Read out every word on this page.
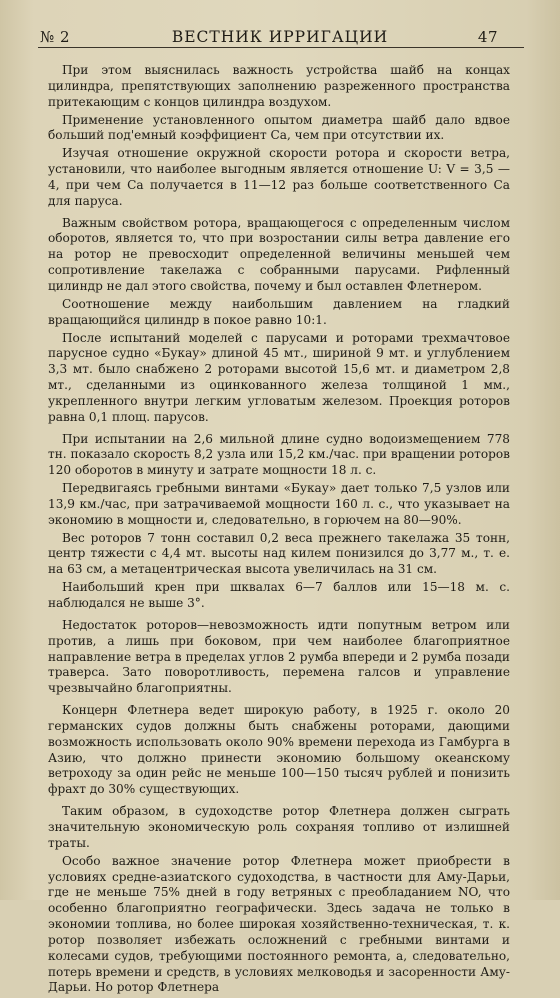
№ 2	ВЕСТНИК ИРРИГАЦИИ	47

При этом выяснилась важность устройства шайб на концах цилиндра, препятствующих заполнению разреженного пространства притекающим с концов цилиндра воздухом.

Применение установленного опытом диаметра шайб дало вдвое больший под'емный коэффициент Ca, чем при отсутствии их.

Изучая отношение окружной скорости ротора и скорости ветра, установили, что наиболее выгодным является отношение U: V = 3,5 — 4, при чем Ca получается в 11—12 раз больше соответственного Ca для паруса.

Важным свойством ротора, вращающегося с определенным числом оборотов, является то, что при возростании силы ветра давление его на ротор не превосходит определенной величины меньшей чем сопротивление такелажа с собранными парусами. Рифленный цилиндр не дал этого свойства, почему и был оставлен Флетнером.

Соотношение между наибольшим давлением на гладкий вращающийся цилиндр в покое равно 10:1.

После испытаний моделей с парусами и роторами трехмачтовое парусное судно «Букау» длиной 45 мт., шириной 9 мт. и углублением 3,3 мт. было снабжено 2 роторами высотой 15,6 мт. и диаметром 2,8 мт., сделанными из оцинкованного железа толщиной 1 мм., укрепленного внутри легким угловатым железом. Проекция роторов равна 0,1 площ. парусов.

При испытании на 2,6 мильной длине судно водоизмещением 778 тн. показало скорость 8,2 узла или 15,2 км./час. при вращении роторов 120 оборотов в минуту и затрате мощности 18 л. с.

Передвигаясь гребными винтами «Букау» дает только 7,5 узлов или 13,9 км./час, при затрачиваемой мощности 160 л. с., что указывает на экономию в мощности и, следовательно, в горючем на 80—90%.

Вес роторов 7 тонн составил 0,2 веса прежнего такелажа 35 тонн, центр тяжести с 4,4 мт. высоты над килем понизился до 3,77 м., т. е. на 63 см, а метацентрическая высота увеличилась на 31 см.

Наибольший крен при шквалах 6—7 баллов или 15—18 м. с. наблюдался не выше 3°.

Недостаток роторов—невозможность идти попутным ветром или против, а лишь при боковом, при чем наиболее благоприятное направление ветра в пределах углов 2 румба впереди и 2 румба позади траверса. Зато поворотливость, перемена галсов и управление чрезвычайно благоприятны.

Концерн Флетнера ведет широкую работу, в 1925 г. около 20 германских судов должны быть снабжены роторами, дающими возможность использовать около 90% времени перехода из Гамбурга в Азию, что должно принести экономию большому океанскому ветроходу за один рейс не меньше 100—150 тысяч рублей и понизить фрахт до 30% существующих.

Таким образом, в судоходстве ротор Флетнера должен сыграть значительную экономическую роль сохраняя топливо от излишней траты.

Особо важное значение ротор Флетнера может приобрести в условиях средне-азиатского судоходства, в частности для Аму-Дарьи, где не меньше 75% дней в году ветряных с преобладанием NO, что особенно благоприятно географически. Здесь задача не только в экономии топлива, но более широкая хозяйственно-техническая, т. к. ротор позволяет избежать осложнений с гребными винтами и колесами судов, требующими постоянного ремонта, а, следовательно, потерь времени и средств, в условиях мелководья и засоренности Аму-Дарьи. Но ротор Флетнера
